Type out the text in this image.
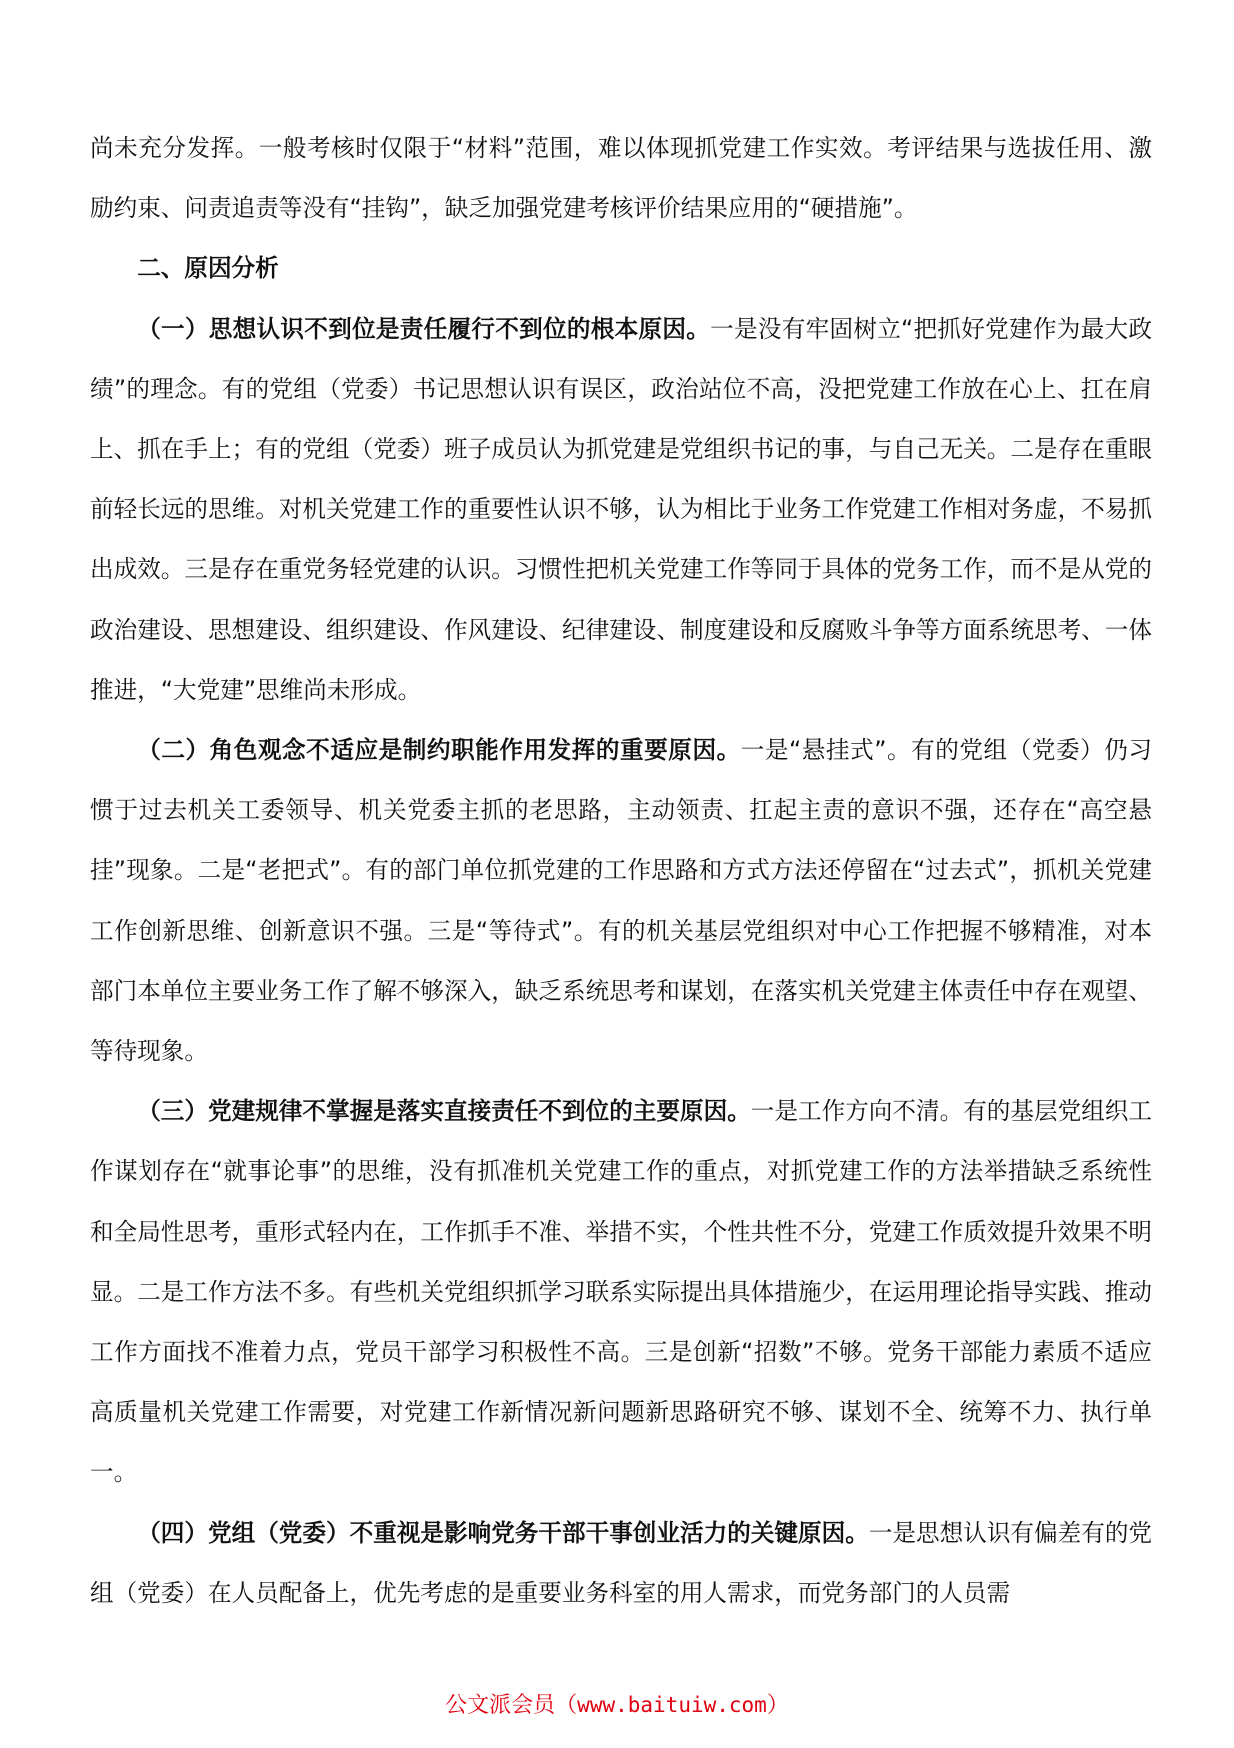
尚未充分发挥。一般考核时仅限于“材料”范围，难以体现抓党建工作实效。考评结果与选拔任用、激励约束、问责追责等没有“挂钩”，缺乏加强党建考核评价结果应用的“硬措施”。

二、原因分析

（一）思想认识不到位是责任履行不到位的根本原因。一是没有牢固树立“把抓好党建作为最大政绩”的理念。有的党组（党委）书记思想认识有误区，政治站位不高，没把党建工作放在心上、扛在肩上、抓在手上；有的党组（党委）班子成员认为抓党建是党组织书记的事，与自己无关。二是存在重眼前轻长远的思维。对机关党建工作的重要性认识不够，认为相比于业务工作党建工作相对务虚，不易抓出成效。三是存在重党务轻党建的认识。习惯性把机关党建工作等同于具体的党务工作，而不是从党的政治建设、思想建设、组织建设、作风建设、纪律建设、制度建设和反腐败斗争等方面系统思考、一体推进，“大党建”思维尚未形成。

（二）角色观念不适应是制约职能作用发挥的重要原因。一是“悬挂式”。有的党组（党委）仍习惯于过去机关工委领导、机关党委主抓的老思路，主动领责、扛起主责的意识不强，还存在“高空悬挂”现象。二是“老把式”。有的部门单位抓党建的工作思路和方式方法还停留在“过去式”，抓机关党建工作创新思维、创新意识不强。三是“等待式”。有的机关基层党组织对中心工作把握不够精准，对本部门本单位主要业务工作了解不够深入，缺乏系统思考和谋划，在落实机关党建主体责任中存在观望、等待现象。

（三）党建规律不掌握是落实直接责任不到位的主要原因。一是工作方向不清。有的基层党组织工作谋划存在“就事论事”的思维，没有抓准机关党建工作的重点，对抓党建工作的方法举措缺乏系统性和全局性思考，重形式轻内在，工作抓手不准、举措不实，个性共性不分，党建工作质效提升效果不明显。二是工作方法不多。有些机关党组织抓学习联系实际提出具体措施少，在运用理论指导实践、推动工作方面找不准着力点，党员干部学习积极性不高。三是创新“招数”不够。党务干部能力素质不适应高质量机关党建工作需要，对党建工作新情况新问题新思路研究不够、谋划不全、统筹不力、执行单一。

（四）党组（党委）不重视是影响党务干部干事创业活力的关键原因。一是思想认识有偏差有的党组（党委）在人员配备上，优先考虑的是重要业务科室的用人需求，而党务部门的人员需

公文派会员（www.baituiw.com）
